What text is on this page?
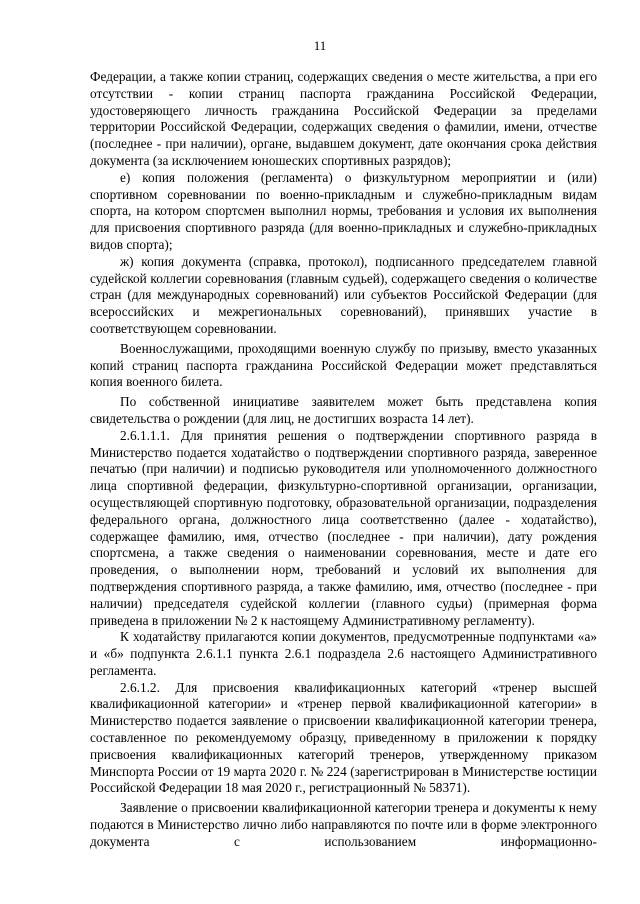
11

Федерации, а также копии страниц, содержащих сведения о месте жительства, а при его отсутствии - копии страниц паспорта гражданина Российской Федерации, удостоверяющего личность гражданина Российской Федерации за пределами территории Российской Федерации, содержащих сведения о фамилии, имени, отчестве (последнее - при наличии), органе, выдавшем документ, дате окончания срока действия документа (за исключением юношеских спортивных разрядов);

е) копия положения (регламента) о физкультурном мероприятии и (или) спортивном соревновании по военно-прикладным и служебно-прикладным видам спорта, на котором спортсмен выполнил нормы, требования и условия их выполнения для присвоения спортивного разряда (для военно-прикладных и служебно-прикладных видов спорта);

ж) копия документа (справка, протокол), подписанного председателем главной судейской коллегии соревнования (главным судьей), содержащего сведения о количестве стран (для международных соревнований) или субъектов Российской Федерации (для всероссийских и межрегиональных соревнований), принявших участие в соответствующем соревновании.

Военнослужащими, проходящими военную службу по призыву, вместо указанных копий страниц паспорта гражданина Российской Федерации может представляться копия военного билета.

По собственной инициативе заявителем может быть представлена копия свидетельства о рождении (для лиц, не достигших возраста 14 лет).

2.6.1.1.1. Для принятия решения о подтверждении спортивного разряда в Министерство подается ходатайство о подтверждении спортивного разряда, заверенное печатью (при наличии) и подписью руководителя или уполномоченного должностного лица спортивной федерации, физкультурно-спортивной организации, организации, осуществляющей спортивную подготовку, образовательной организации, подразделения федерального органа, должностного лица соответственно (далее - ходатайство), содержащее фамилию, имя, отчество (последнее - при наличии), дату рождения спортсмена, а также сведения о наименовании соревнования, месте и дате его проведения, о выполнении норм, требований и условий их выполнения для подтверждения спортивного разряда, а также фамилию, имя, отчество (последнее - при наличии) председателя судейской коллегии (главного судьи) (примерная форма приведена в приложении № 2 к настоящему Административному регламенту).

К ходатайству прилагаются копии документов, предусмотренные подпунктами «а» и «б» подпункта 2.6.1.1 пункта 2.6.1 подраздела 2.6 настоящего Административного регламента.

2.6.1.2. Для присвоения квалификационных категорий «тренер высшей квалификационной категории» и «тренер первой квалификационной категории» в Министерство подается заявление о присвоении квалификационной категории тренера, составленное по рекомендуемому образцу, приведенному в приложении к порядку присвоения квалификационных категорий тренеров, утвержденному приказом Минспорта России от 19 марта 2020 г. № 224 (зарегистрирован в Министерстве юстиции Российской Федерации 18 мая 2020 г., регистрационный № 58371).

Заявление о присвоении квалификационной категории тренера и документы к нему подаются в Министерство лично либо направляются по почте или в форме электронного документа с использованием информационно-
